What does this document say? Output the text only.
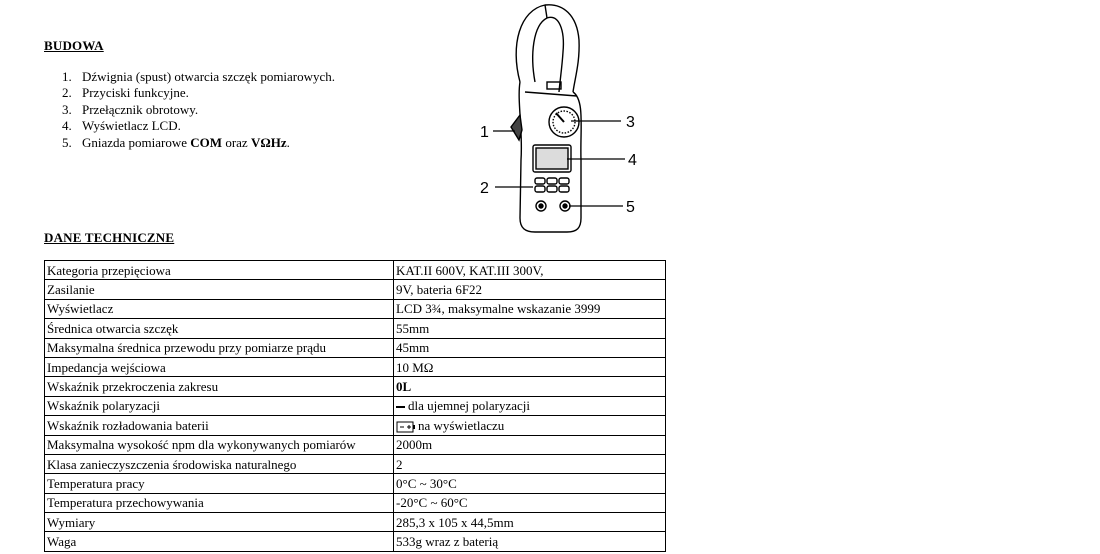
BUDOWA
1. Dźwignia (spust) otwarcia szczęk pomiarowych.
2. Przyciski funkcyjne.
3. Przełącznik obrotowy.
4. Wyświetlacz LCD.
5. Gniazda pomiarowe COM oraz VΩHz.
1
2
3
4
5
DANE TECHNICZNE
Kategoria przepięciowa	KAT.II 600V, KAT.III 300V,
Zasilanie	9V, bateria 6F22
Wyświetlacz	LCD 3¾, maksymalne wskazanie 3999
Średnica otwarcia szczęk	55mm
Maksymalna średnica przewodu przy pomiarze prądu	45mm
Impedancja wejściowa	10 MΩ
Wskaźnik przekroczenia zakresu	0L
Wskaźnik polaryzacji	dla ujemnej polaryzacji
Wskaźnik rozładowania baterii	na wyświetlaczu
Maksymalna wysokość npm dla wykonywanych pomiarów	2000m
Klasa zanieczyszczenia środowiska naturalnego	2
Temperatura pracy	0°C ~ 30°C
Temperatura przechowywania	-20°C ~ 60°C
Wymiary	285,3 x 105 x 44,5mm
Waga	533g wraz z baterią
